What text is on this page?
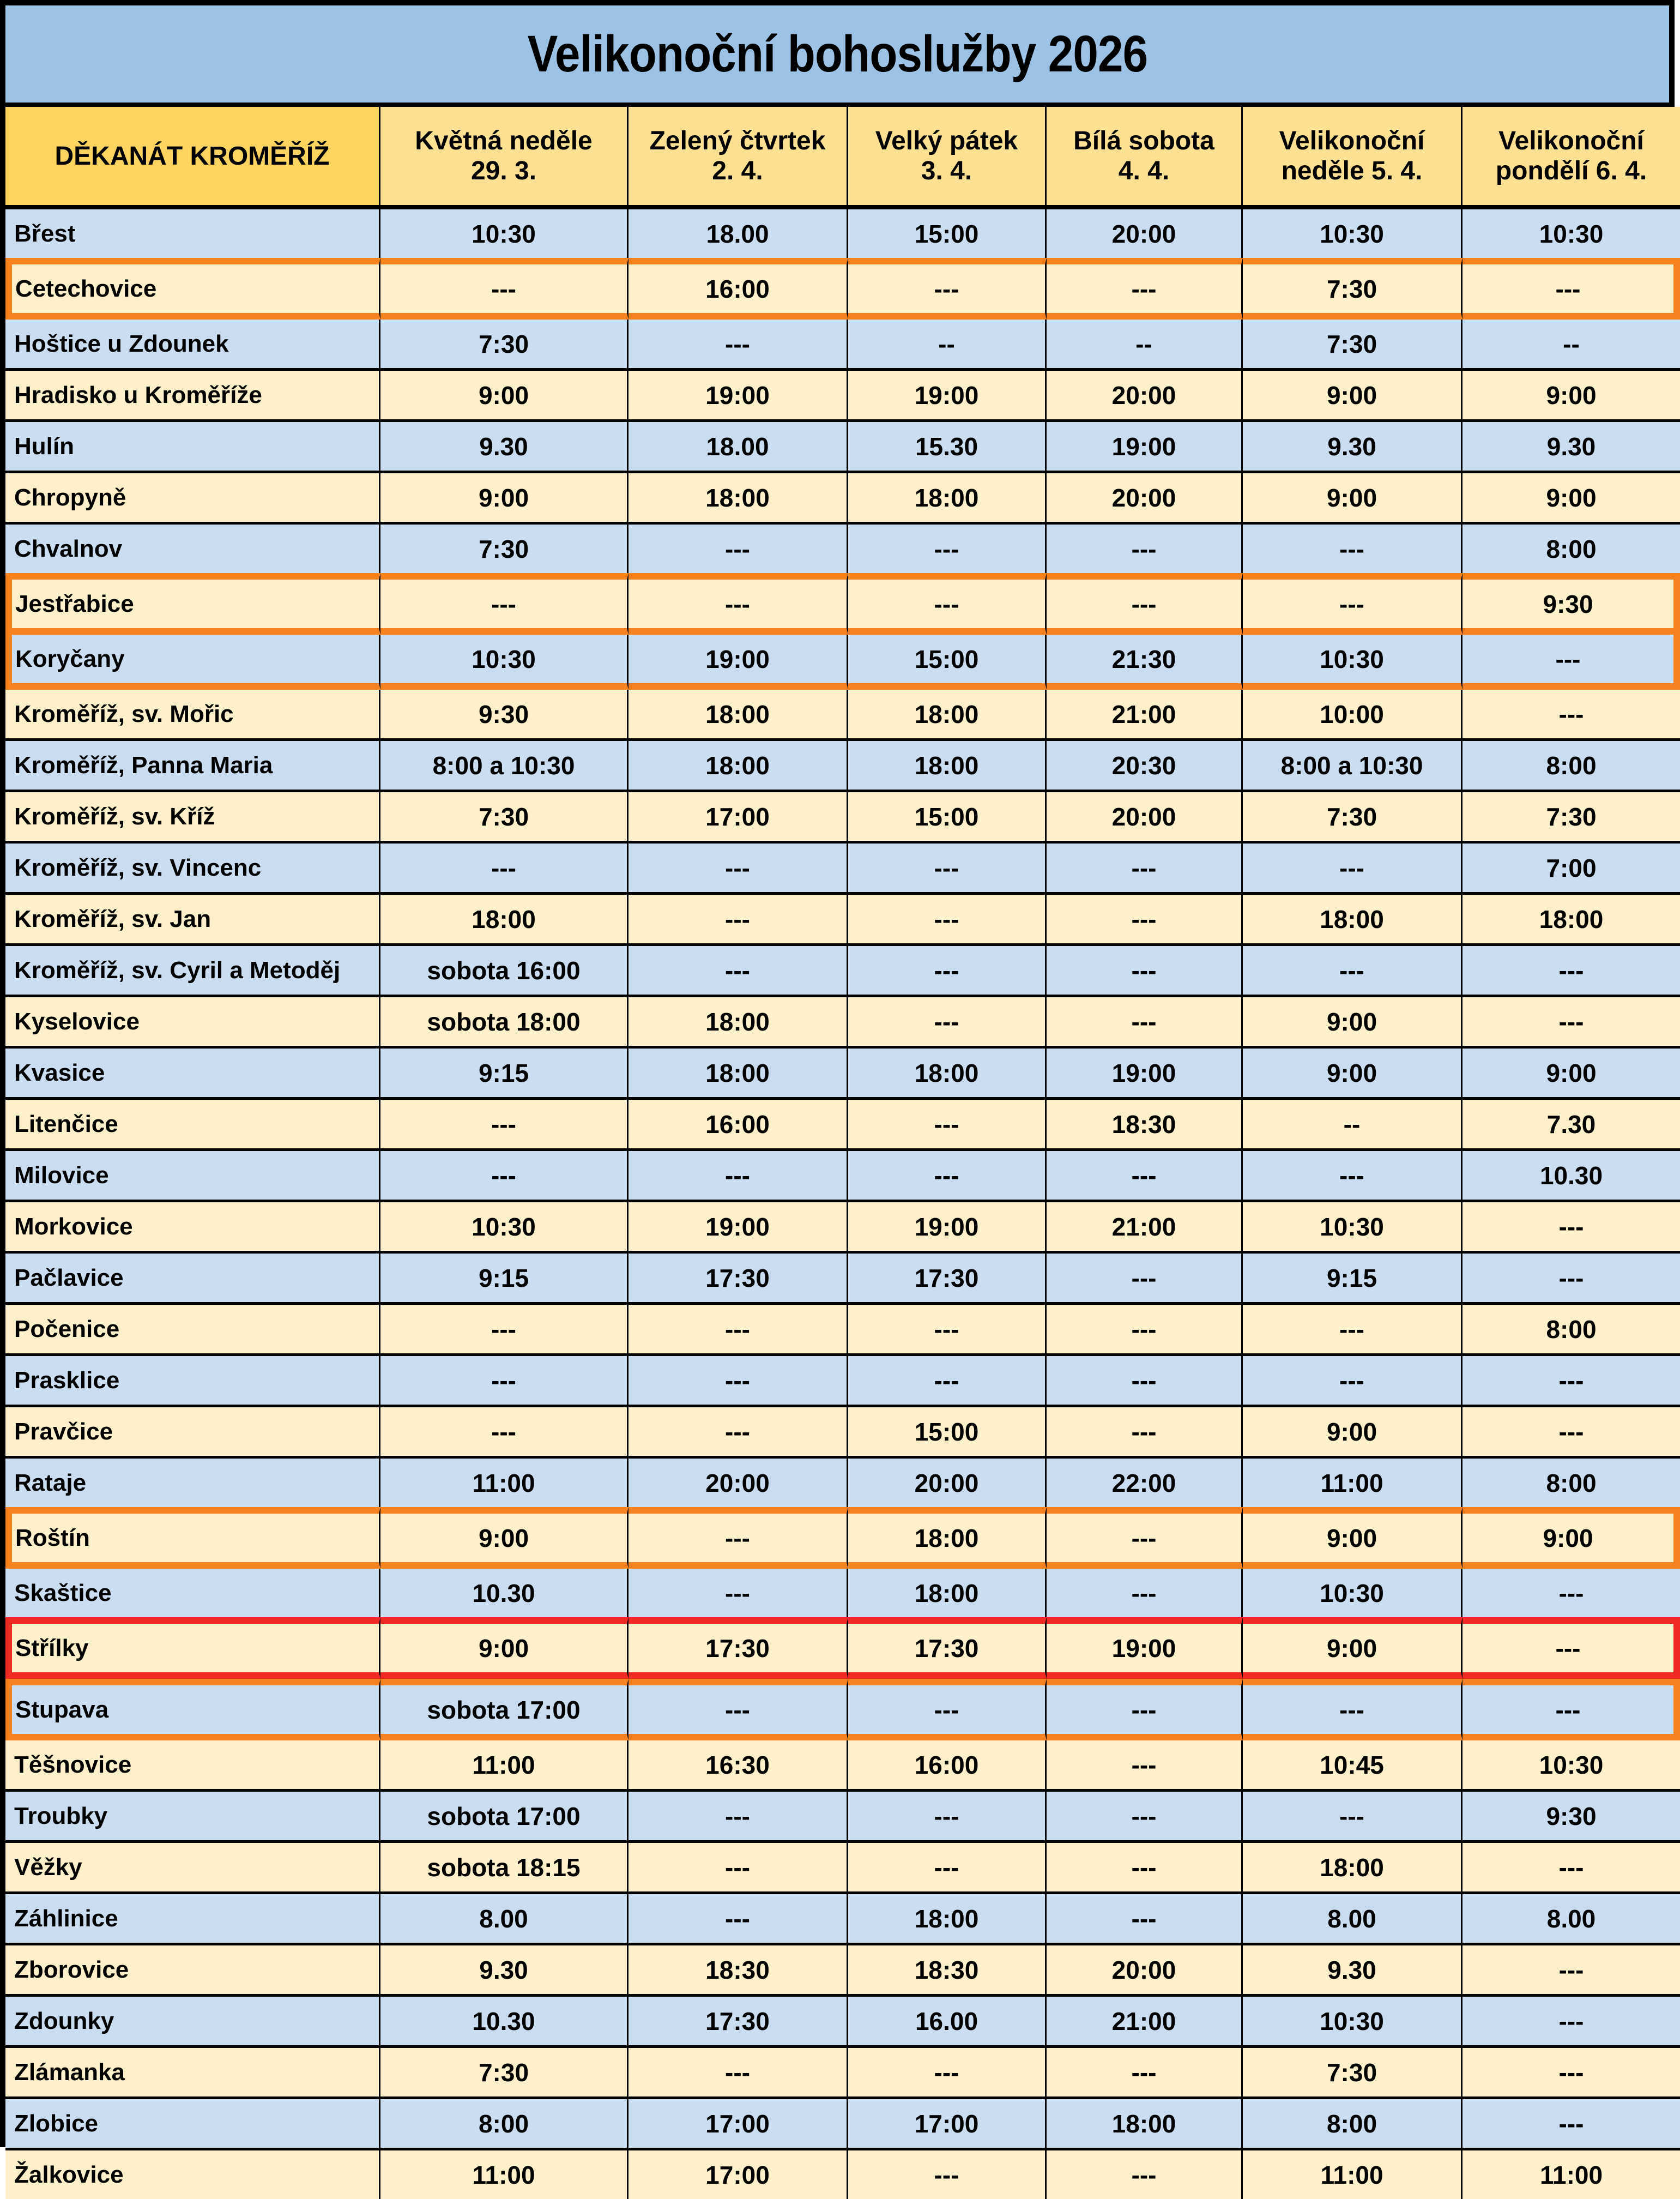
Velikonoční bohoslužby 2026
DĚKANÁT KROMĚŘÍŽ	Květná neděle 29. 3.	Zelený čtvrtek 2. 4.	Velký pátek 3. 4.	Bílá sobota 4. 4.	Velikonoční neděle 5. 4.	Velikonoční pondělí 6. 4.
Břest	10:30	18.00	15:00	20:00	10:30	10:30
Cetechovice	---	16:00	---	---	7:30	---
Hoštice u Zdounek	7:30	---	--	--	7:30	--
Hradisko u Kroměříže	9:00	19:00	19:00	20:00	9:00	9:00
Hulín	9.30	18.00	15.30	19:00	9.30	9.30
Chropyně	9:00	18:00	18:00	20:00	9:00	9:00
Chvalnov	7:30	---	---	---	---	8:00
Jestřabice	---	---	---	---	---	9:30
Koryčany	10:30	19:00	15:00	21:30	10:30	---
Kroměříž, sv. Mořic	9:30	18:00	18:00	21:00	10:00	---
Kroměříž, Panna Maria	8:00 a 10:30	18:00	18:00	20:30	8:00 a 10:30	8:00
Kroměříž, sv. Kříž	7:30	17:00	15:00	20:00	7:30	7:30
Kroměříž, sv. Vincenc	---	---	---	---	---	7:00
Kroměříž, sv. Jan	18:00	---	---	---	18:00	18:00
Kroměříž, sv. Cyril a Metoděj	sobota 16:00	---	---	---	---	---
Kyselovice	sobota 18:00	18:00	---	---	9:00	---
Kvasice	9:15	18:00	18:00	19:00	9:00	9:00
Litenčice	---	16:00	---	18:30	--	7.30
Milovice	---	---	---	---	---	10.30
Morkovice	10:30	19:00	19:00	21:00	10:30	---
Pačlavice	9:15	17:30	17:30	---	9:15	---
Počenice	---	---	---	---	---	8:00
Prasklice	---	---	---	---	---	---
Pravčice	---	---	15:00	---	9:00	---
Rataje	11:00	20:00	20:00	22:00	11:00	8:00
Roštín	9:00	---	18:00	---	9:00	9:00
Skaštice	10.30	---	18:00	---	10:30	---
Střílky	9:00	17:30	17:30	19:00	9:00	---
Stupava	sobota 17:00	---	---	---	---	---
Těšnovice	11:00	16:30	16:00	---	10:45	10:30
Troubky	sobota 17:00	---	---	---	---	9:30
Věžky	sobota 18:15	---	---	---	18:00	---
Záhlinice	8.00	---	18:00	---	8.00	8.00
Zborovice	9.30	18:30	18:30	20:00	9.30	---
Zdounky	10.30	17:30	16.00	21:00	10:30	---
Zlámanka	7:30	---	---	---	7:30	---
Zlobice	8:00	17:00	17:00	18:00	8:00	---
Žalkovice	11:00	17:00	---	---	11:00	11:00
